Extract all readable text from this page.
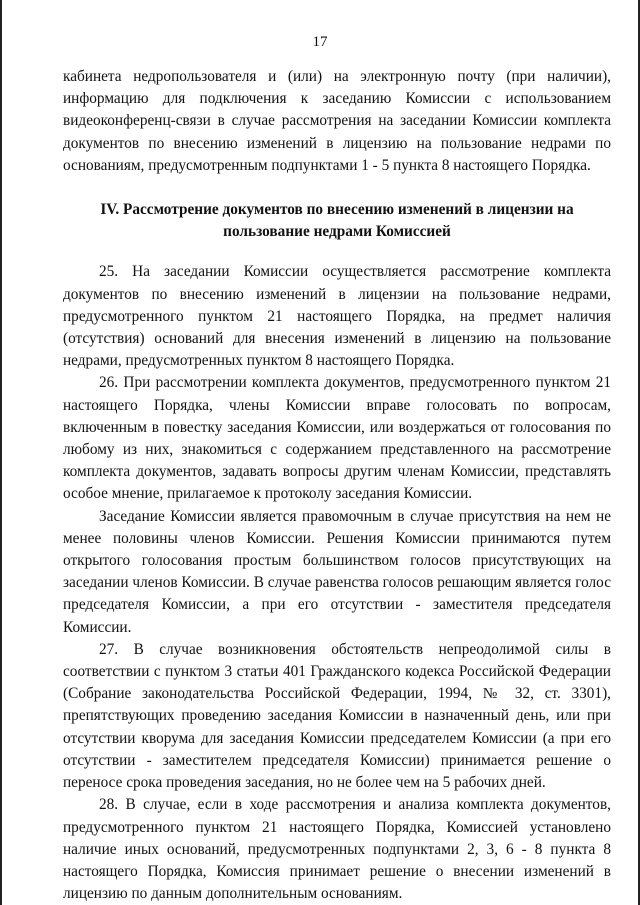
17

кабинета недропользователя и (или) на электронную почту (при наличии), информацию для подключения к заседанию Комиссии с использованием видеоконференц-связи в случае рассмотрения на заседании Комиссии комплекта документов по внесению изменений в лицензию на пользование недрами по основаниям, предусмотренным подпунктами 1 - 5 пункта 8 настоящего Порядка.

IV. Рассмотрение документов по внесению изменений в лицензии на
пользование недрами Комиссией

25. На заседании Комиссии осуществляется рассмотрение комплекта документов по внесению изменений в лицензии на пользование недрами, предусмотренного пунктом 21 настоящего Порядка, на предмет наличия (отсутствия) оснований для внесения изменений в лицензию на пользование недрами, предусмотренных пунктом 8 настоящего Порядка.

26. При рассмотрении комплекта документов, предусмотренного пунктом 21 настоящего Порядка, члены Комиссии вправе голосовать по вопросам, включенным в повестку заседания Комиссии, или воздержаться от голосования по любому из них, знакомиться с содержанием представленного на рассмотрение комплекта документов, задавать вопросы другим членам Комиссии, представлять особое мнение, прилагаемое к протоколу заседания Комиссии.

Заседание Комиссии является правомочным в случае присутствия на нем не менее половины членов Комиссии. Решения Комиссии принимаются путем открытого голосования простым большинством голосов присутствующих на заседании членов Комиссии. В случае равенства голосов решающим является голос председателя Комиссии, а при его отсутствии - заместителя председателя Комиссии.

27. В случае возникновения обстоятельств непреодолимой силы в соответствии с пунктом 3 статьи 401 Гражданского кодекса Российской Федерации (Собрание законодательства Российской Федерации, 1994, № 32, ст. 3301), препятствующих проведению заседания Комиссии в назначенный день, или при отсутствии кворума для заседания Комиссии председателем Комиссии (а при его отсутствии - заместителем председателя Комиссии) принимается решение о переносе срока проведения заседания, но не более чем на 5 рабочих дней.

28. В случае, если в ходе рассмотрения и анализа комплекта документов, предусмотренного пунктом 21 настоящего Порядка, Комиссией установлено наличие иных оснований, предусмотренных подпунктами 2, 3, 6 - 8 пункта 8 настоящего Порядка, Комиссия принимает решение о внесении изменений в лицензию по данным дополнительным основаниям.
